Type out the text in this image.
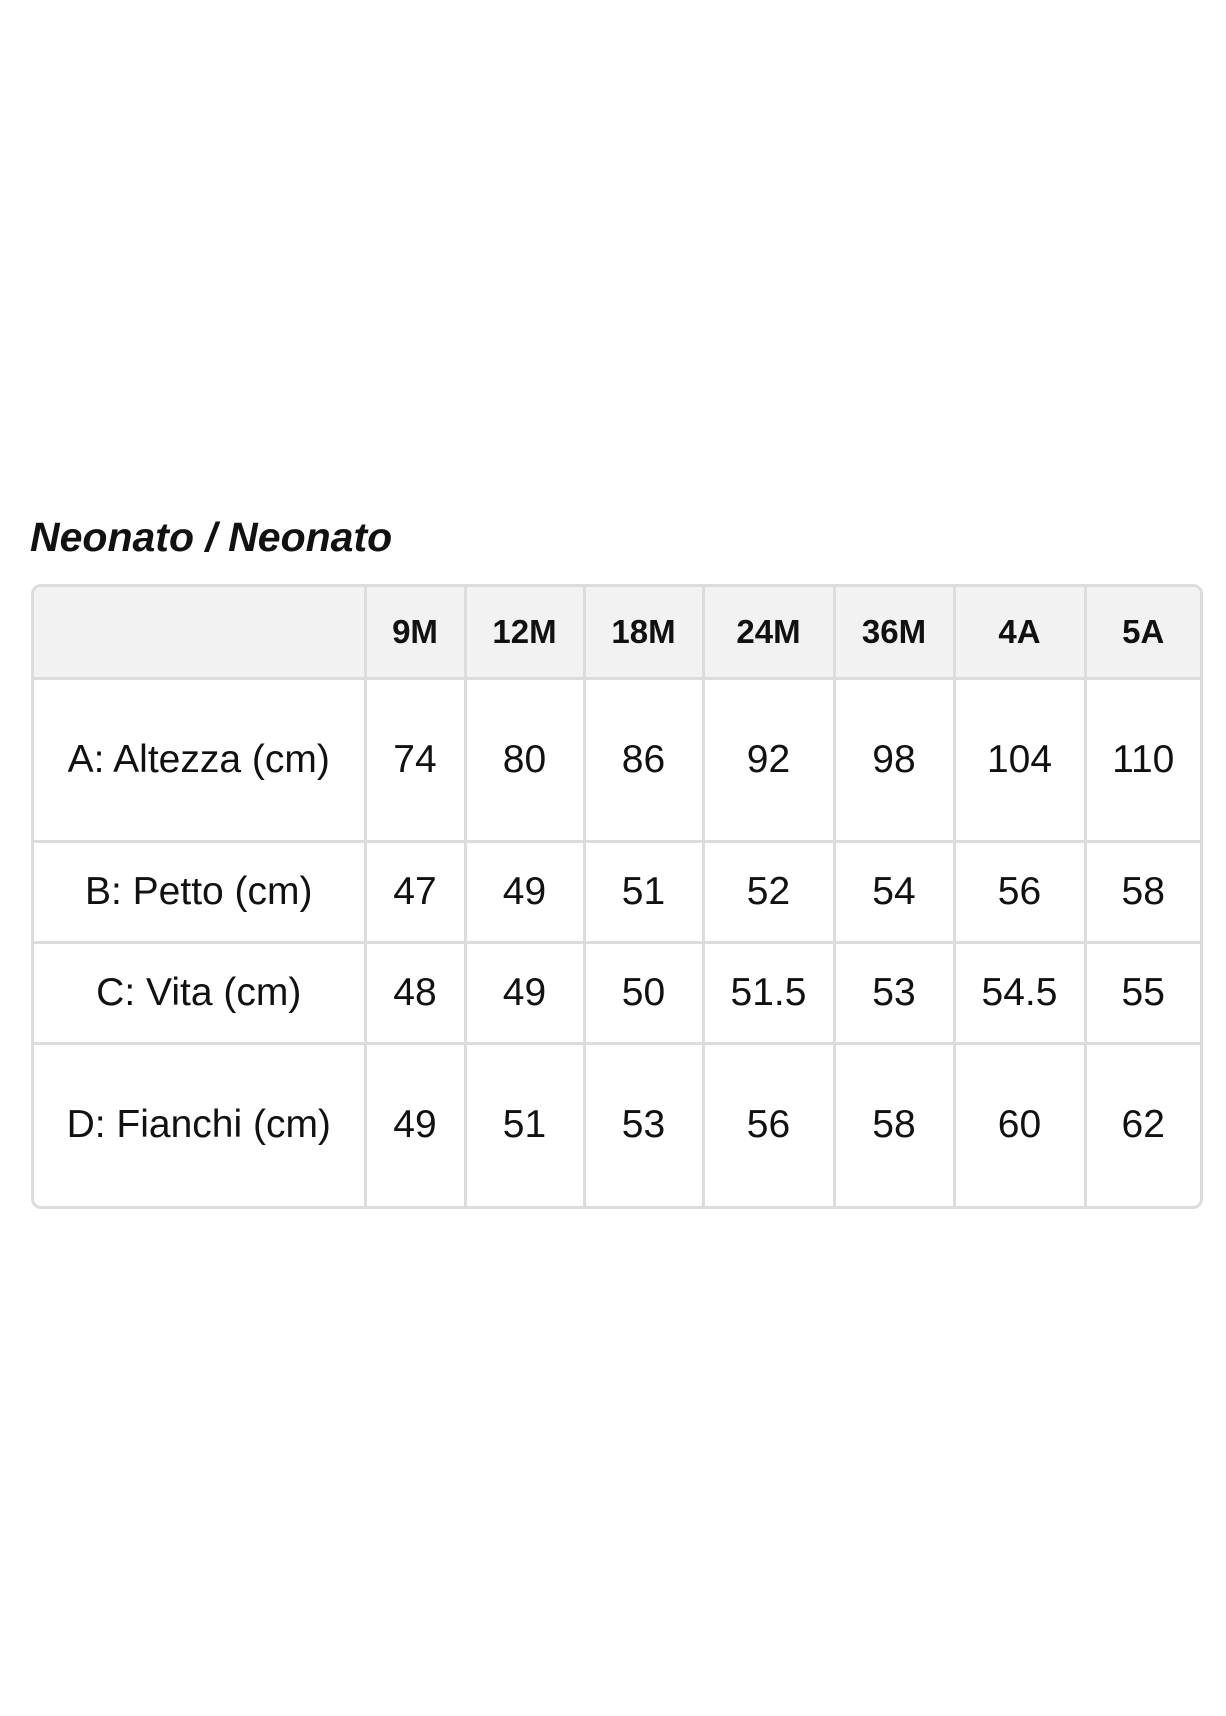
Neonato / Neonato
	9M	12M	18M	24M	36M	4A	5A
A: Altezza (cm)	74	80	86	92	98	104	110
B: Petto (cm)	47	49	51	52	54	56	58
C: Vita (cm)	48	49	50	51.5	53	54.5	55
D: Fianchi (cm)	49	51	53	56	58	60	62
